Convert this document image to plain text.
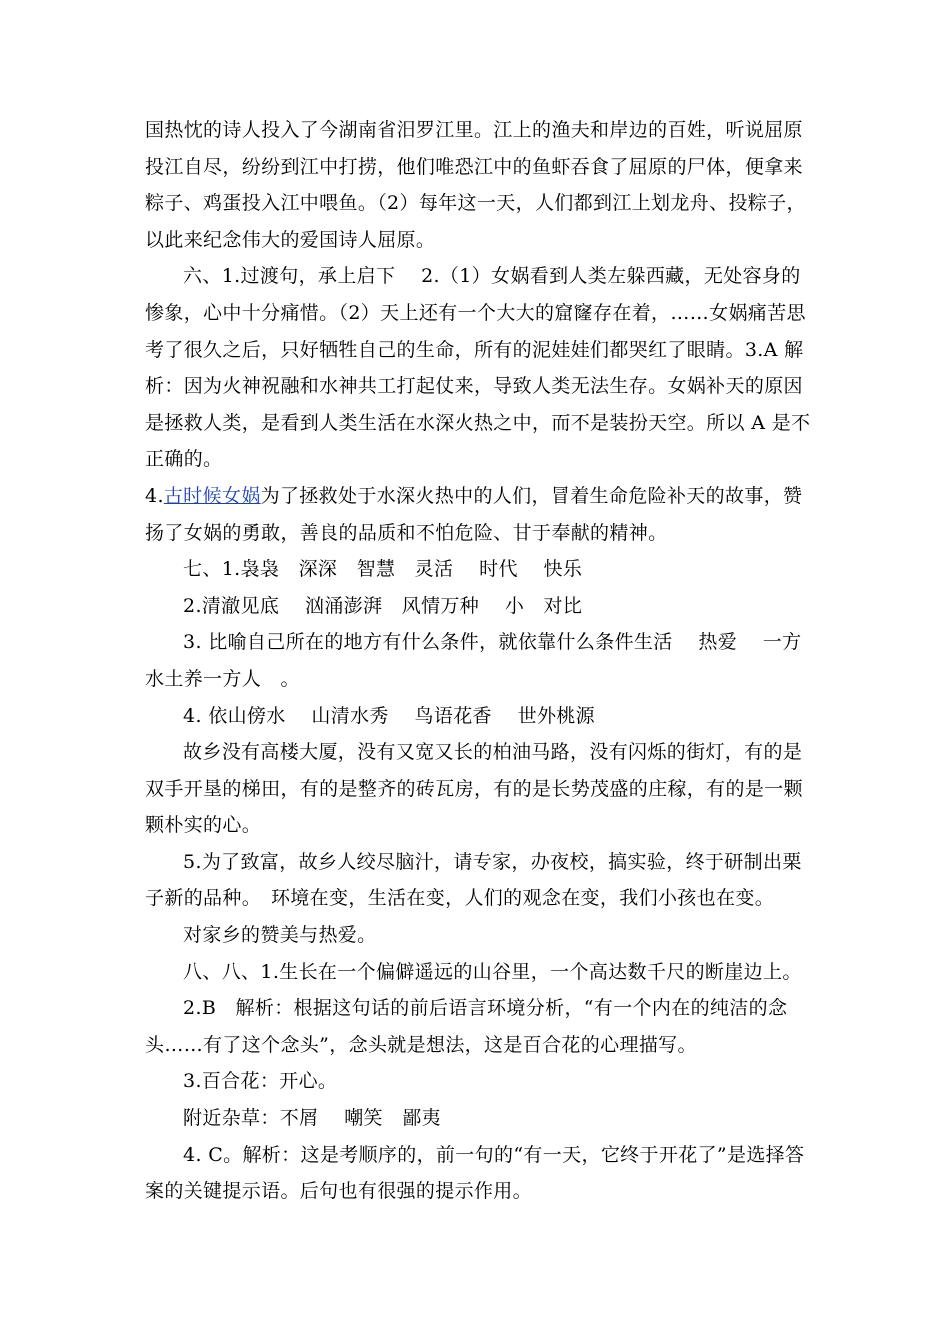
国热忱的诗人投入了今湖南省汨罗江里。江上的渔夫和岸边的百姓，听说屈原投江自尽，纷纷到江中打捞，他们唯恐江中的鱼虾吞食了屈原的尸体，便拿来粽子、鸡蛋投入江中喂鱼。（2）每年这一天，人们都到江上划龙舟、投粽子，以此来纪念伟大的爱国诗人屈原。

六、1.过渡句，承上启下　 2.（1）女娲看到人类左躲西藏，无处容身的惨象，心中十分痛惜。（2）天上还有一个大大的窟窿存在着，……女娲痛苦思考了很久之后，只好牺牲自己的生命，所有的泥娃娃们都哭红了眼睛。3.A 解析：因为火神祝融和水神共工打起仗来，导致人类无法生存。女娲补天的原因是拯救人类，是看到人类生活在水深火热之中，而不是装扮天空。所以 A 是不正确的。

4.古时候女娲为了拯救处于水深火热中的人们，冒着生命危险补天的故事，赞扬了女娲的勇敢，善良的品质和不怕危险、甘于奉献的精神。

七、1.袅袅　深深　智慧　灵活　 时代　 快乐

2.清澈见底　 汹涌澎湃　风情万种　 小　对比

3. 比喻自己所在的地方有什么条件，就依靠什么条件生活　 热爱　 一方水土养一方人　。

4. 依山傍水　 山清水秀　 鸟语花香　 世外桃源

故乡没有高楼大厦，没有又宽又长的柏油马路，没有闪烁的街灯，有的是双手开垦的梯田，有的是整齐的砖瓦房，有的是长势茂盛的庄稼，有的是一颗颗朴实的心。

5.为了致富，故乡人绞尽脑汁，请专家，办夜校，搞实验，终于研制出栗子新的品种。　环境在变，生活在变，人们的观念在变，我们小孩也在变。

对家乡的赞美与热爱。

八、八、1.生长在一个偏僻遥远的山谷里，一个高达数千尺的断崖边上。

2.B　解析：根据这句话的前后语言环境分析，“有一个内在的纯洁的念头……有了这个念头”，念头就是想法，这是百合花的心理描写。

3.百合花：开心。

附近杂草：不屑　 嘲笑　鄙夷

4. C。解析：这是考顺序的，前一句的“有一天，它终于开花了”是选择答案的关键提示语。后句也有很强的提示作用。
